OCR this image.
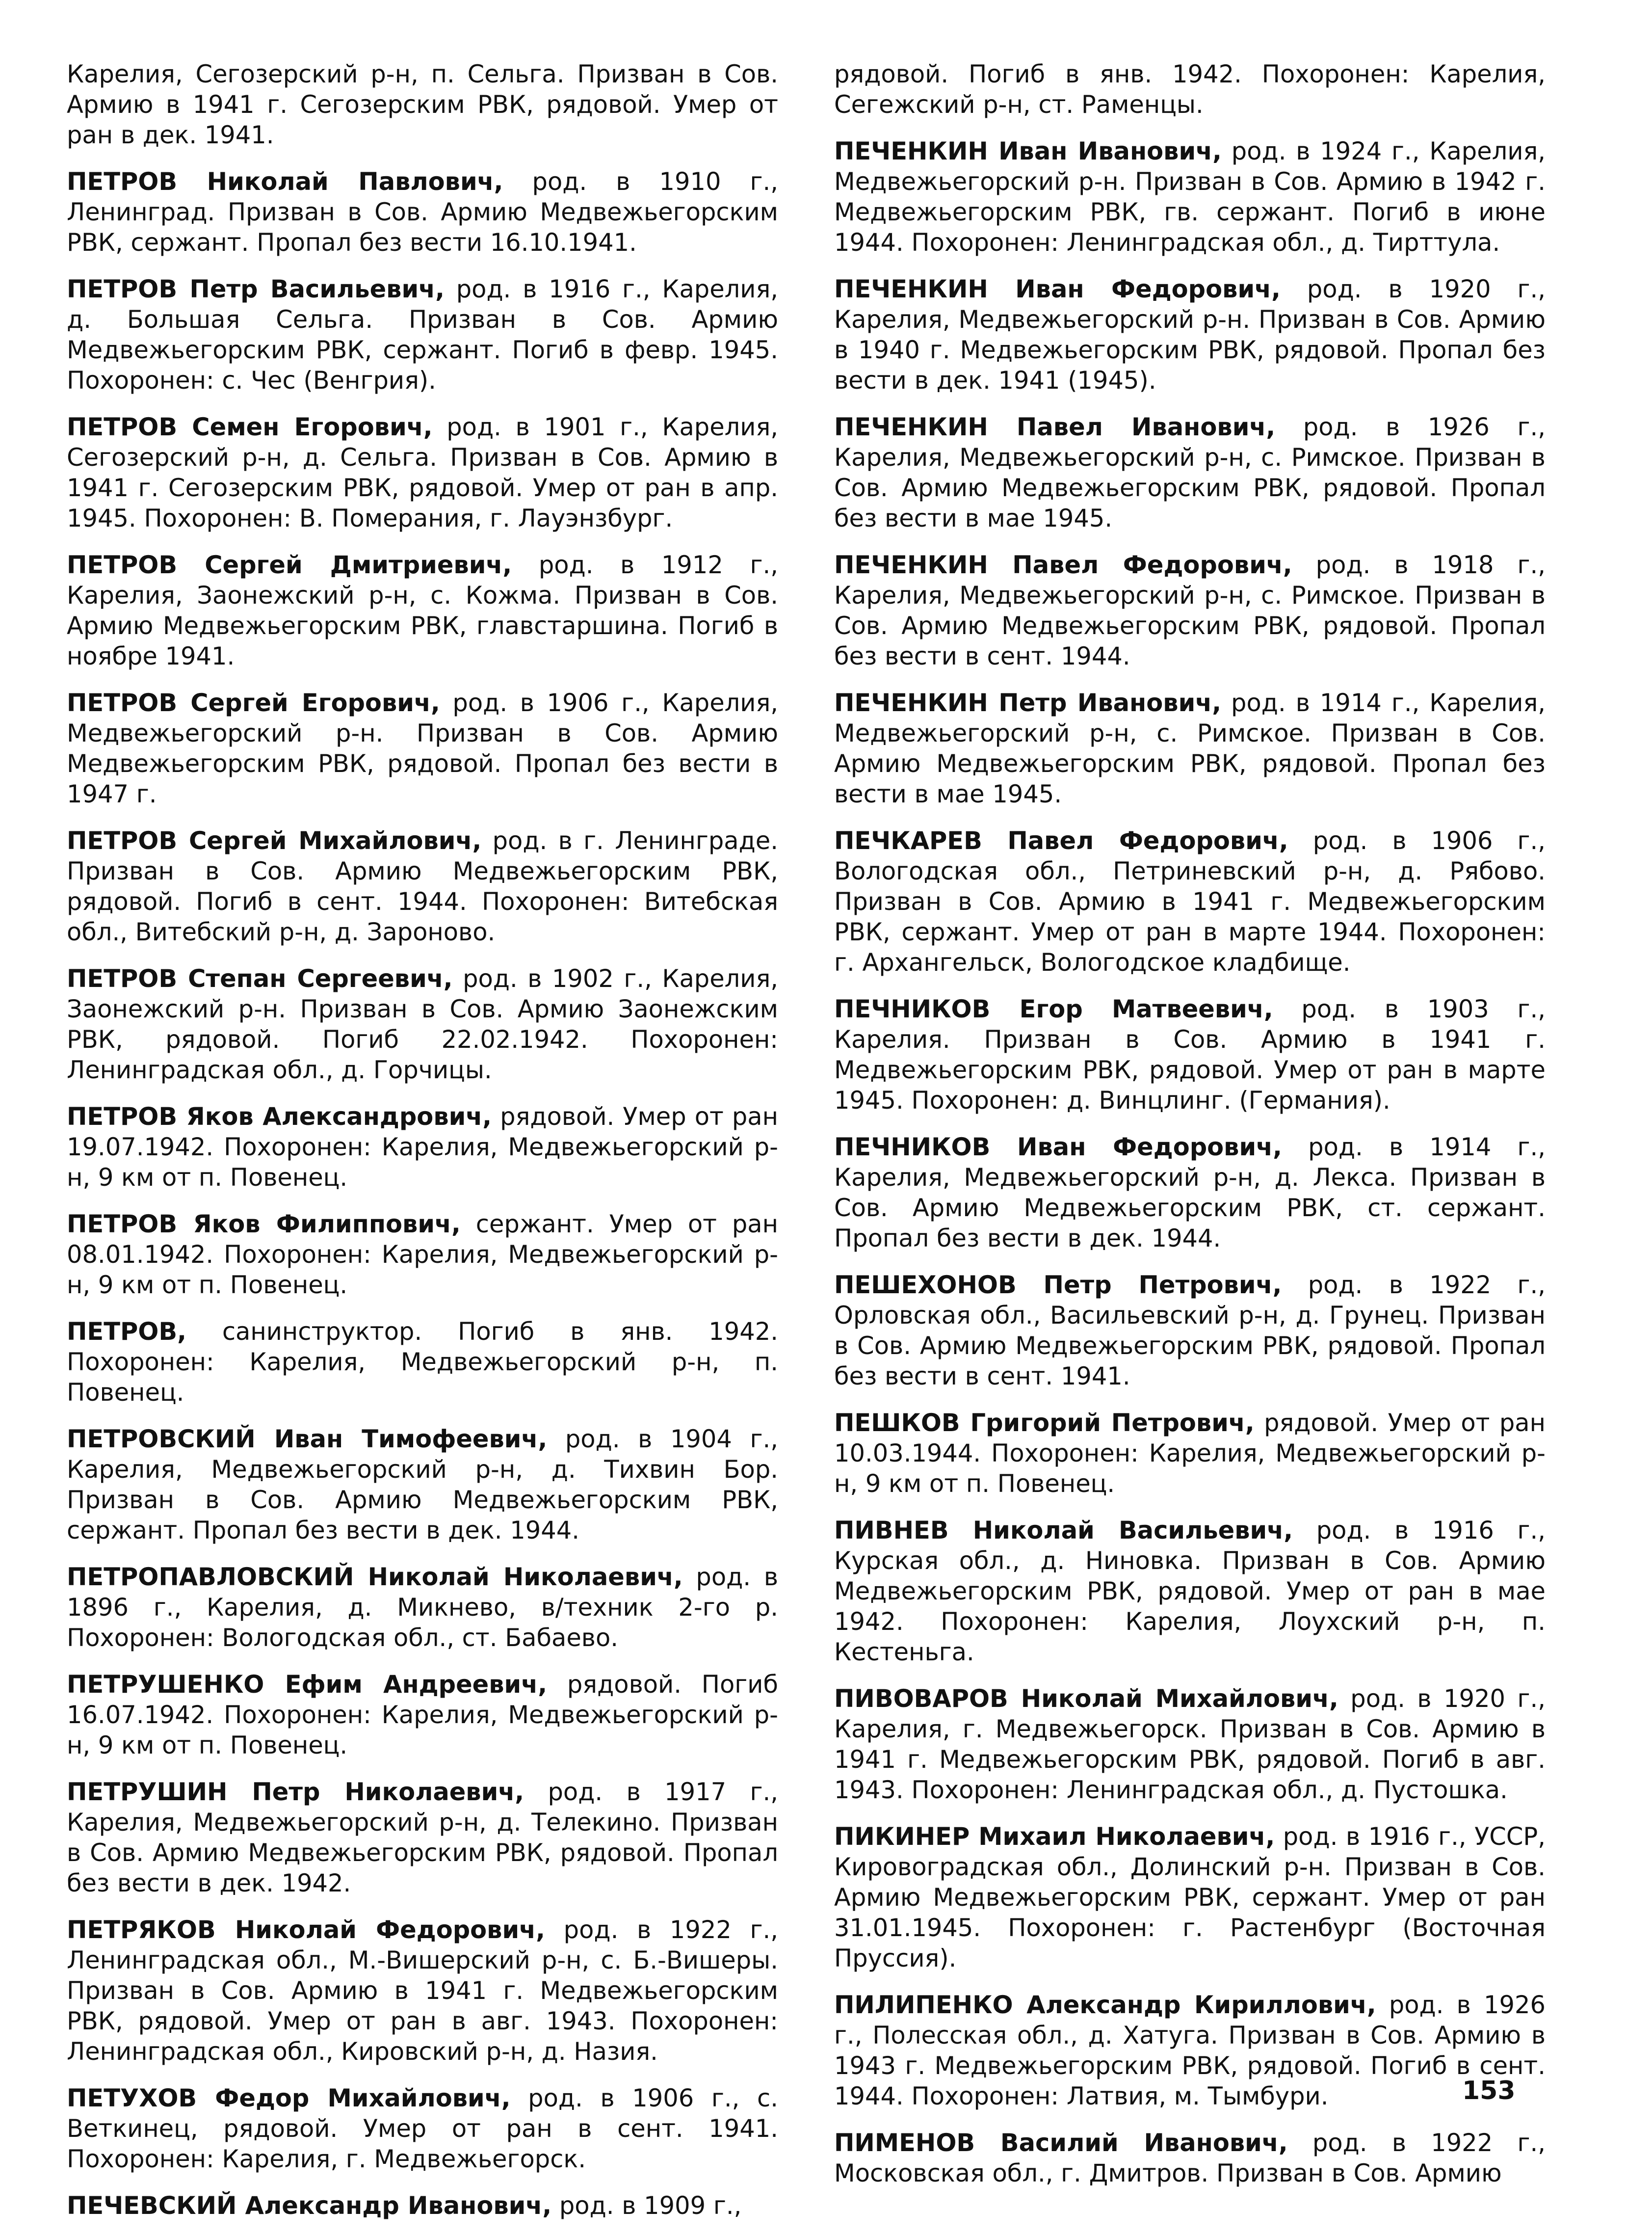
Карелия, Сегозерский р-н, п. Сельга. Призван в Сов. Армию в 1941 г. Сегозерским РВК, рядовой. Умер от ран в дек. 1941.

ПЕТРОВ Николай Павлович, род. в 1910 г., Ленинград. Призван в Сов. Армию Медвежьегорским РВК, сержант. Пропал без вести 16.10.1941.

ПЕТРОВ Петр Васильевич, род. в 1916 г., Карелия, д. Большая Сельга. Призван в Сов. Армию Медвежьегорским РВК, сержант. Погиб в февр. 1945. Похоронен: с. Чес (Венгрия).

ПЕТРОВ Семен Егорович, род. в 1901 г., Карелия, Сегозерский р-н, д. Сельга. Призван в Сов. Армию в 1941 г. Сегозерским РВК, рядовой. Умер от ран в апр. 1945. Похоронен: В. Померания, г. Лауэнзбург.

ПЕТРОВ Сергей Дмитриевич, род. в 1912 г., Карелия, Заонежский р-н, с. Кожма. Призван в Сов. Армию Медвежьегорским РВК, главстаршина. Погиб в ноябре 1941.

ПЕТРОВ Сергей Егорович, род. в 1906 г., Карелия, Медвежьегорский р-н. Призван в Сов. Армию Медвежьегорским РВК, рядовой. Пропал без вести в 1947 г.

ПЕТРОВ Сергей Михайлович, род. в г. Ленинграде. Призван в Сов. Армию Медвежьегорским РВК, рядовой. Погиб в сент. 1944. Похоронен: Витебская обл., Витебский р-н, д. Зароново.

ПЕТРОВ Степан Сергеевич, род. в 1902 г., Карелия, Заонежский р-н. Призван в Сов. Армию Заонежским РВК, рядовой. Погиб 22.02.1942. Похоронен: Ленинградская обл., д. Горчицы.

ПЕТРОВ Яков Александрович, рядовой. Умер от ран 19.07.1942. Похоронен: Карелия, Медвежьегорский р-н, 9 км от п. Повенец.

ПЕТРОВ Яков Филиппович, сержант. Умер от ран 08.01.1942. Похоронен: Карелия, Медвежьегорский р-н, 9 км от п. Повенец.

ПЕТРОВ, санинструктор. Погиб в янв. 1942. Похоронен: Карелия, Медвежьегорский р-н, п. Повенец.

ПЕТРОВСКИЙ Иван Тимофеевич, род. в 1904 г., Карелия, Медвежьегорский р-н, д. Тихвин Бор. Призван в Сов. Армию Медвежьегорским РВК, сержант. Пропал без вести в дек. 1944.

ПЕТРОПАВЛОВСКИЙ Николай Николаевич, род. в 1896 г., Карелия, д. Микнево, в/техник 2-го р. Похоронен: Вологодская обл., ст. Бабаево.

ПЕТРУШЕНКО Ефим Андреевич, рядовой. Погиб 16.07.1942. Похоронен: Карелия, Медвежьегорский р-н, 9 км от п. Повенец.

ПЕТРУШИН Петр Николаевич, род. в 1917 г., Карелия, Медвежьегорский р-н, д. Телекино. Призван в Сов. Армию Медвежьегорским РВК, рядовой. Пропал без вести в дек. 1942.

ПЕТРЯКОВ Николай Федорович, род. в 1922 г., Ленинградская обл., М.-Вишерский р-н, с. Б.-Вишеры. Призван в Сов. Армию в 1941 г. Медвежьегорским РВК, рядовой. Умер от ран в авг. 1943. Похоронен: Ленинградская обл., Кировский р-н, д. Назия.

ПЕТУХОВ Федор Михайлович, род. в 1906 г., с. Веткинец, рядовой. Умер от ран в сент. 1941. Похоронен: Карелия, г. Медвежьегорск.

ПЕЧЕВСКИЙ Александр Иванович, род. в 1909 г.,

рядовой. Погиб в янв. 1942. Похоронен: Карелия, Сегежский р-н, ст. Раменцы.

ПЕЧЕНКИН Иван Иванович, род. в 1924 г., Карелия, Медвежьегорский р-н. Призван в Сов. Армию в 1942 г. Медвежьегорским РВК, гв. сержант. Погиб в июне 1944. Похоронен: Ленинградская обл., д. Тирттула.

ПЕЧЕНКИН Иван Федорович, род. в 1920 г., Карелия, Медвежьегорский р-н. Призван в Сов. Армию в 1940 г. Медвежьегорским РВК, рядовой. Пропал без вести в дек. 1941 (1945).

ПЕЧЕНКИН Павел Иванович, род. в 1926 г., Карелия, Медвежьегорский р-н, с. Римское. Призван в Сов. Армию Медвежьегорским РВК, рядовой. Пропал без вести в мае 1945.

ПЕЧЕНКИН Павел Федорович, род. в 1918 г., Карелия, Медвежьегорский р-н, с. Римское. Призван в Сов. Армию Медвежьегорским РВК, рядовой. Пропал без вести в сент. 1944.

ПЕЧЕНКИН Петр Иванович, род. в 1914 г., Карелия, Медвежьегорский р-н, с. Римское. Призван в Сов. Армию Медвежьегорским РВК, рядовой. Пропал без вести в мае 1945.

ПЕЧКАРЕВ Павел Федорович, род. в 1906 г., Вологодская обл., Петриневский р-н, д. Рябово. Призван в Сов. Армию в 1941 г. Медвежьегорским РВК, сержант. Умер от ран в марте 1944. Похоронен: г. Архангельск, Вологодское кладбище.

ПЕЧНИКОВ Егор Матвеевич, род. в 1903 г., Карелия. Призван в Сов. Армию в 1941 г. Медвежьегорским РВК, рядовой. Умер от ран в марте 1945. Похоронен: д. Винцлинг. (Германия).

ПЕЧНИКОВ Иван Федорович, род. в 1914 г., Карелия, Медвежьегорский р-н, д. Лекса. Призван в Сов. Армию Медвежьегорским РВК, ст. сержант. Пропал без вести в дек. 1944.

ПЕШЕХОНОВ Петр Петрович, род. в 1922 г., Орловская обл., Васильевский р-н, д. Грунец. Призван в Сов. Армию Медвежьегорским РВК, рядовой. Пропал без вести в сент. 1941.

ПЕШКОВ Григорий Петрович, рядовой. Умер от ран 10.03.1944. Похоронен: Карелия, Медвежьегорский р-н, 9 км от п. Повенец.

ПИВНЕВ Николай Васильевич, род. в 1916 г., Курская обл., д. Ниновка. Призван в Сов. Армию Медвежьегорским РВК, рядовой. Умер от ран в мае 1942. Похоронен: Карелия, Лоухский р-н, п. Кестеньга.

ПИВОВАРОВ Николай Михайлович, род. в 1920 г., Карелия, г. Медвежьегорск. Призван в Сов. Армию в 1941 г. Медвежьегорским РВК, рядовой. Погиб в авг. 1943. Похоронен: Ленинградская обл., д. Пустошка.

ПИКИНЕР Михаил Николаевич, род. в 1916 г., УССР, Кировоградская обл., Долинский р-н. Призван в Сов. Армию Медвежьегорским РВК, сержант. Умер от ран 31.01.1945. Похоронен: г. Растенбург (Восточная Пруссия).

ПИЛИПЕНКО Александр Кириллович, род. в 1926 г., Полесская обл., д. Хатуга. Призван в Сов. Армию в 1943 г. Медвежьегорским РВК, рядовой. Погиб в сент. 1944. Похоронен: Латвия, м. Тымбури.

ПИМЕНОВ Василий Иванович, род. в 1922 г., Московская обл., г. Дмитров. Призван в Сов. Армию

153
